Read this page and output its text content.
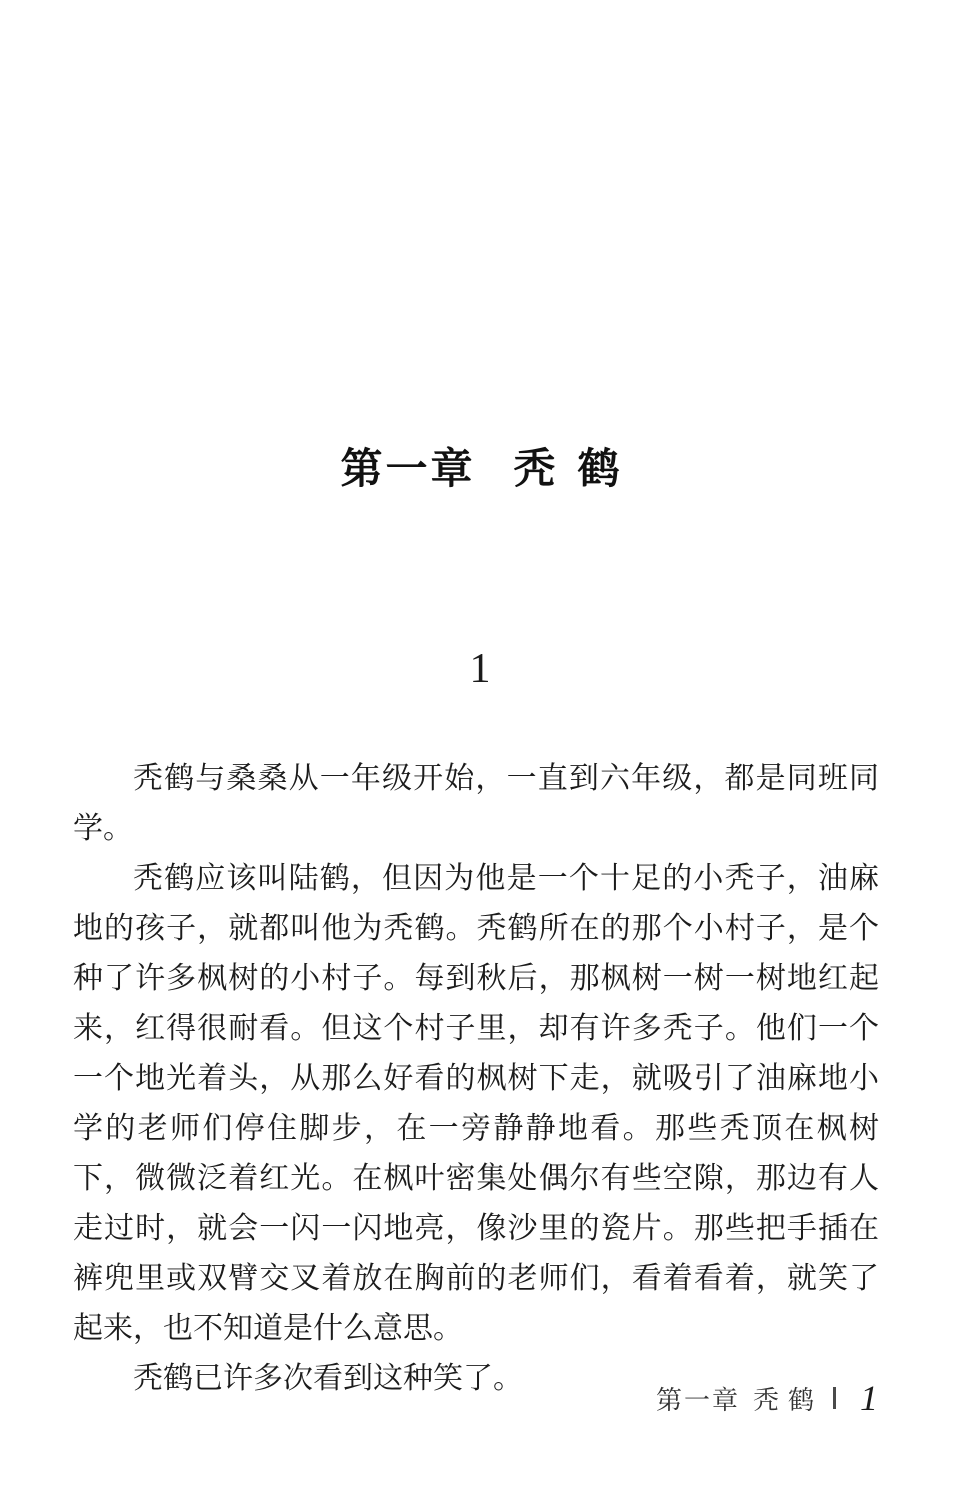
第一章 秃鹤
1

秃鹤与桑桑从一年级开始，一直到六年级，都是同班同学。

秃鹤应该叫陆鹤，但因为他是一个十足的小秃子，油麻地的孩子，就都叫他为秃鹤。秃鹤所在的那个小村子，是个种了许多枫树的小村子。每到秋后，那枫树一树一树地红起来，红得很耐看。但这个村子里，却有许多秃子。他们一个一个地光着头，从那么好看的枫树下走，就吸引了油麻地小学的老师们停住脚步，在一旁静静地看。那些秃顶在枫树下，微微泛着红光。在枫叶密集处偶尔有些空隙，那边有人走过时，就会一闪一闪地亮，像沙里的瓷片。那些把手插在裤兜里或双臂交叉着放在胸前的老师们，看着看着，就笑了起来，也不知道是什么意思。

秃鹤已许多次看到这种笑了。

第一章 秃鹤 1
